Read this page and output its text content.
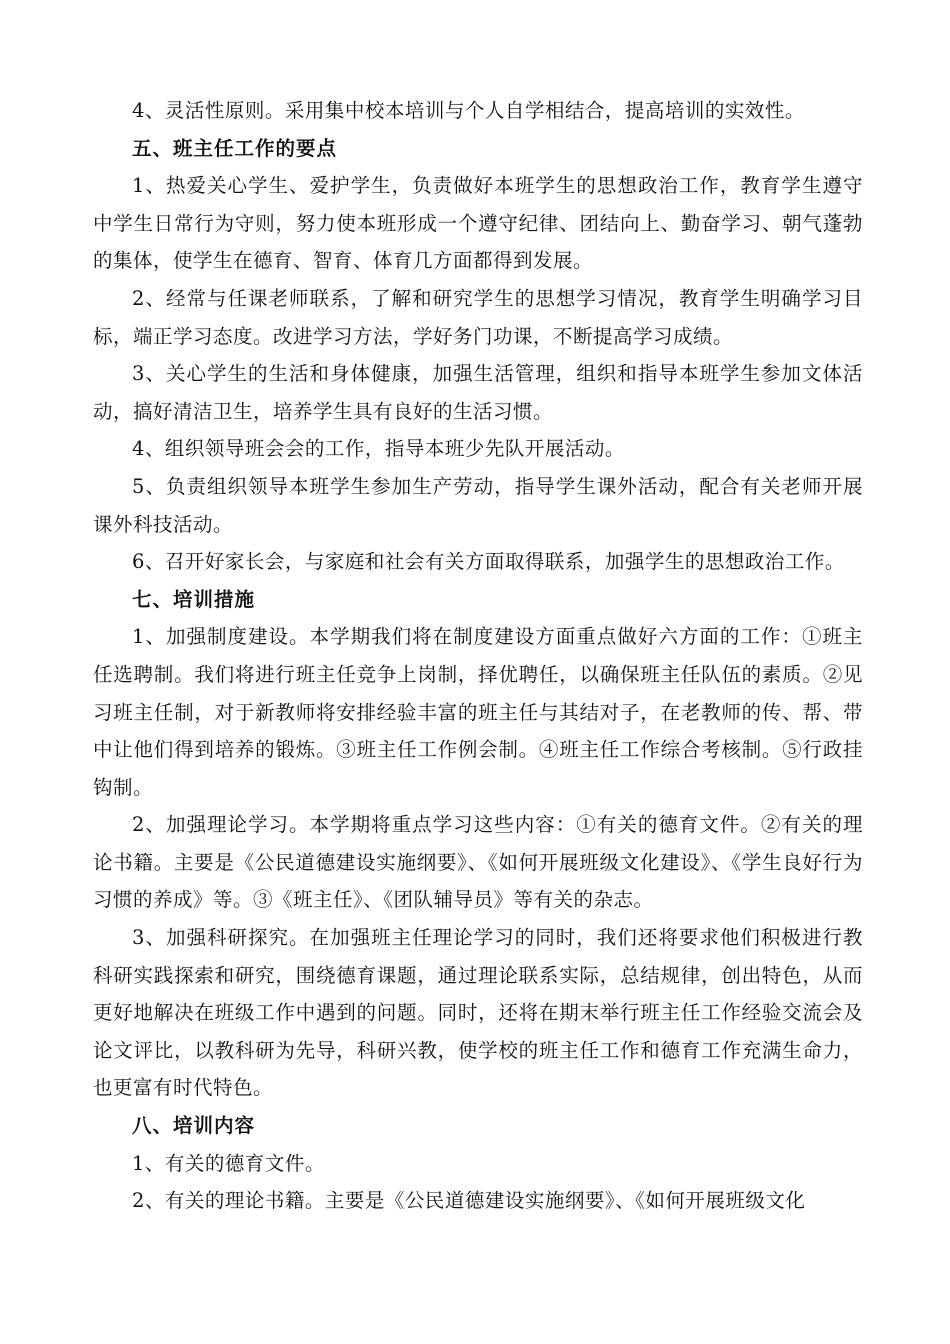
4、灵活性原则。采用集中校本培训与个人自学相结合，提高培训的实效性。

五、班主任工作的要点

1、热爱关心学生、爱护学生，负责做好本班学生的思想政治工作，教育学生遵守中学生日常行为守则，努力使本班形成一个遵守纪律、团结向上、勤奋学习、朝气蓬勃的集体，使学生在德育、智育、体育几方面都得到发展。

2、经常与任课老师联系，了解和研究学生的思想学习情况，教育学生明确学习目标，端正学习态度。改进学习方法，学好务门功课，不断提高学习成绩。

3、关心学生的生活和身体健康，加强生活管理，组织和指导本班学生参加文体活动，搞好清洁卫生，培养学生具有良好的生活习惯。

4、组织领导班会会的工作，指导本班少先队开展活动。

5、负责组织领导本班学生参加生产劳动，指导学生课外活动，配合有关老师开展课外科技活动。

6、召开好家长会，与家庭和社会有关方面取得联系，加强学生的思想政治工作。

七、培训措施

1、加强制度建设。本学期我们将在制度建设方面重点做好六方面的工作：①班主任选聘制。我们将进行班主任竞争上岗制，择优聘任，以确保班主任队伍的素质。②见习班主任制，对于新教师将安排经验丰富的班主任与其结对子，在老教师的传、帮、带中让他们得到培养的锻炼。③班主任工作例会制。④班主任工作综合考核制。⑤行政挂钩制。

2、加强理论学习。本学期将重点学习这些内容：①有关的德育文件。②有关的理论书籍。主要是《公民道德建设实施纲要》、《如何开展班级文化建设》、《学生良好行为习惯的养成》等。③《班主任》、《团队辅导员》等有关的杂志。

3、加强科研探究。在加强班主任理论学习的同时，我们还将要求他们积极进行教科研实践探索和研究，围绕德育课题，通过理论联系实际，总结规律，创出特色，从而更好地解决在班级工作中遇到的问题。同时，还将在期末举行班主任工作经验交流会及论文评比，以教科研为先导，科研兴教，使学校的班主任工作和德育工作充满生命力，也更富有时代特色。

八、培训内容

1、有关的德育文件。

2、有关的理论书籍。主要是《公民道德建设实施纲要》、《如何开展班级文化
